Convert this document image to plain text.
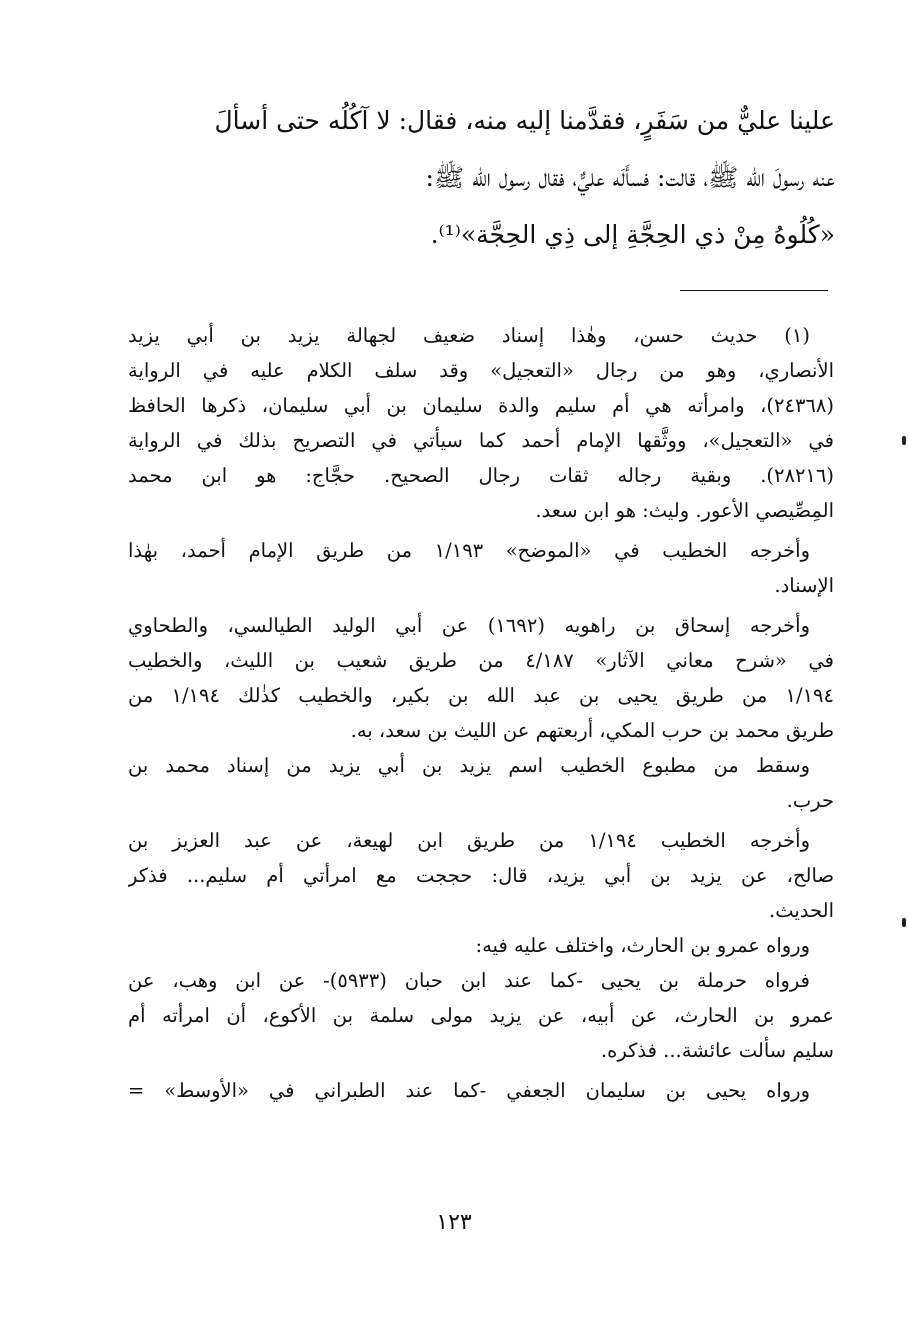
علينا عليٌّ من سَفَرٍ، فقدَّمنا إليه منه، فقال: لا آكُلُه حتى أسألَ
عنه رسولَ الله ﷺ، قالت: فسأَلَه عليٌّ، فقال رسول الله ﷺ:
«كُلُوهُ مِنْ ذي الحِجَّةِ إلى ذِي الحِجَّة»⁽¹⁾.
(١) حديث حسن، وهٰذا إسناد ضعيف لجهالة يزيد بن أبي يزيد
الأنصاري، وهو من رجال «التعجيل» وقد سلف الكلام عليه في الرواية
(٢٤٣٦٨)، وامرأته هي أم سليم والدة سليمان بن أبي سليمان، ذكرها الحافظ
في «التعجيل»، ووثَّقها الإمام أحمد كما سيأتي في التصريح بذلك في الرواية
(٢٨٢١٦). وبقية رجاله ثقات رجال الصحيح. حجَّاج: هو ابن محمد
المِصِّيصي الأعور. وليث: هو ابن سعد.
وأخرجه الخطيب في «الموضح» ١/١٩٣ من طريق الإمام أحمد، بهٰذا
الإسناد.
وأخرجه إسحاق بن راهويه (١٦٩٢) عن أبي الوليد الطيالسي، والطحاوي
في «شرح معاني الآثار» ٤/١٨٧ من طريق شعيب بن الليث، والخطيب
١/١٩٤ من طريق يحيى بن عبد الله بن بكير، والخطيب كذٰلك ١/١٩٤ من
طريق محمد بن حرب المكي، أربعتهم عن الليث بن سعد، به.
وسقط من مطبوع الخطيب اسم يزيد بن أبي يزيد من إسناد محمد بن
حرب.
وأخرجه الخطيب ١/١٩٤ من طريق ابن لهيعة، عن عبد العزيز بن
صالح، عن يزيد بن أبي يزيد، قال: حججت مع امرأتي أم سليم... فذكر
الحديث.
ورواه عمرو بن الحارث، واختلف عليه فيه:
فرواه حرملة بن يحيى -كما عند ابن حبان (٥٩٣٣)- عن ابن وهب، عن
عمرو بن الحارث، عن أبيه، عن يزيد مولى سلمة بن الأكوع، أن امرأته أم
سليم سألت عائشة... فذكره.
ورواه يحيى بن سليمان الجعفي -كما عند الطبراني في «الأوسط» =
١٢٣
